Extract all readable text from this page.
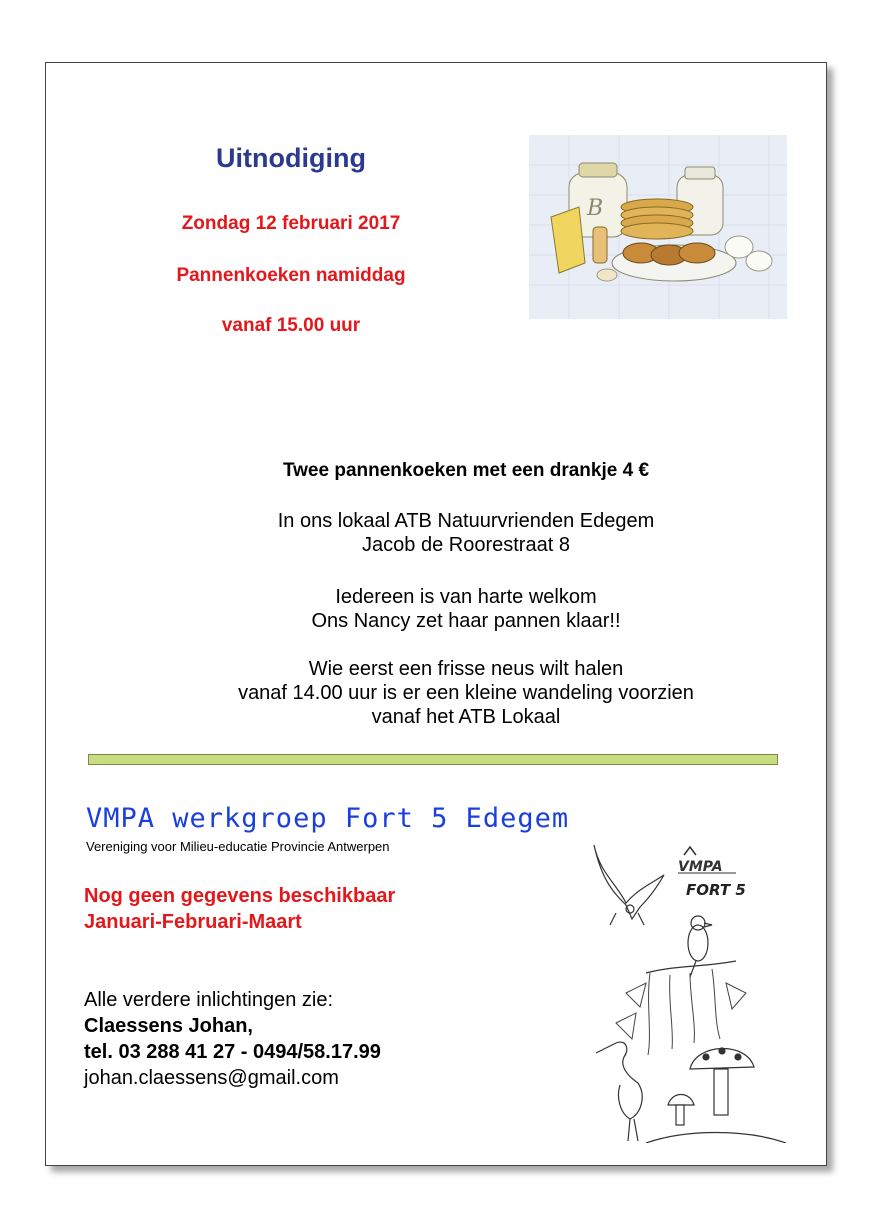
Uitnodiging
Zondag 12 februari 2017
Pannenkoeken namiddag
vanaf 15.00 uur
B
Twee pannenkoeken met een drankje 4 €
In ons lokaal ATB Natuurvrienden Edegem
Jacob de Roorestraat 8
Iedereen is van harte welkom
Ons Nancy zet haar pannen klaar!!
Wie eerst een frisse neus wilt halen
vanaf 14.00 uur is er een kleine wandeling voorzien
vanaf het ATB Lokaal
VMPA werkgroep Fort 5 Edegem
Vereniging voor Milieu-educatie Provincie Antwerpen
Nog geen gegevens beschikbaar
Januari-Februari-Maart
Alle verdere inlichtingen zie:
Claessens Johan,
tel. 03 288 41 27 - 0494/58.17.99
johan.claessens@gmail.com
VMPA
FORT 5
